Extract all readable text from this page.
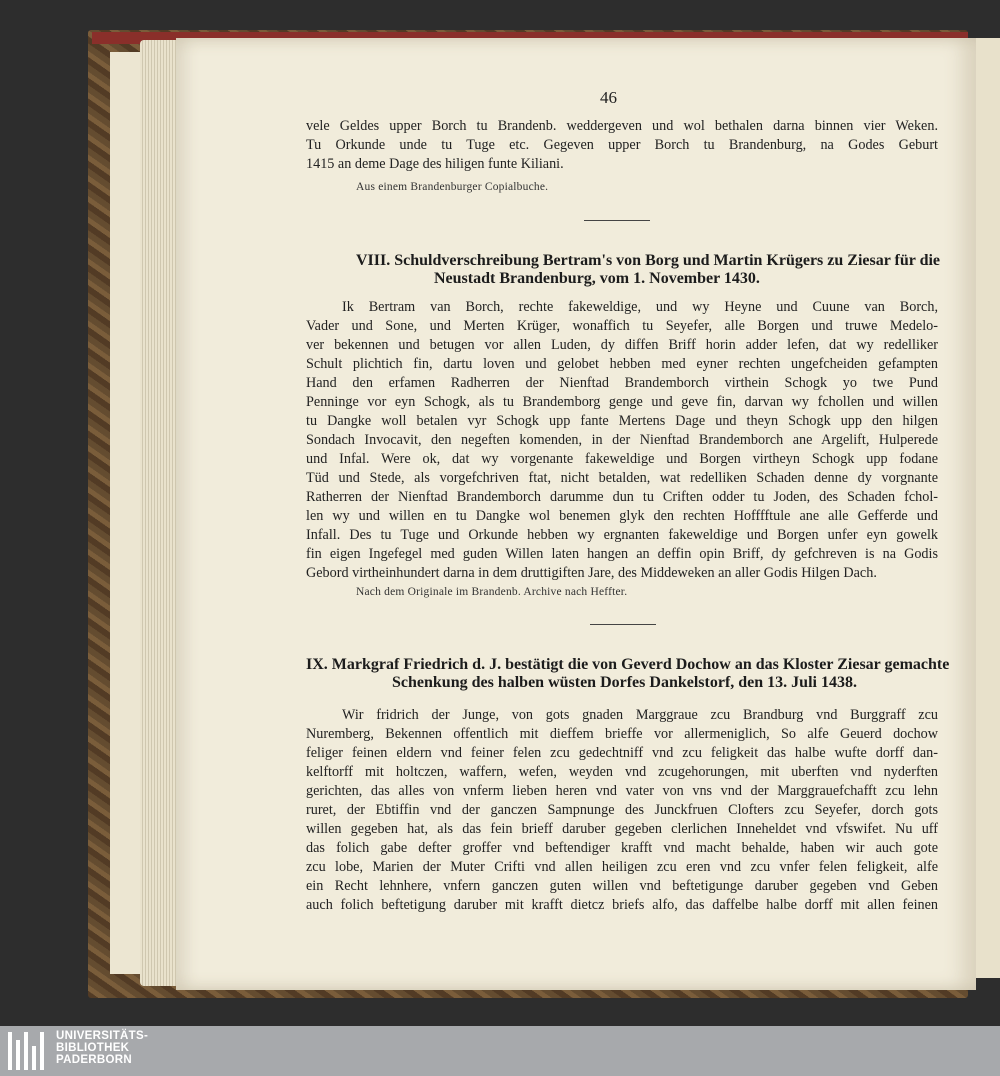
46
vele Geldes upper Borch tu Brandenb. weddergeven und wol bethalen darna binnen vier Weken.
Tu Orkunde unde tu Tuge etc. Gegeven upper Borch tu Brandenburg, na Godes Geburt
1415 an deme Dage des hiligen funte Kiliani.
Aus einem Brandenburger Copialbuche.
VIII. Schuldverschreibung Bertram's von Borg und Martin Krügers zu Ziesar für die
Neustadt Brandenburg, vom 1. November 1430.
Ik Bertram van Borch, rechte fakeweldige, und wy Heyne und Cuune van Borch,
Vader und Sone, und Merten Krüger, wonaffich tu Seyefer, alle Borgen und truwe Medelo-
ver bekennen und betugen vor allen Luden, dy diffen Briff horin adder lefen, dat wy redelliker
Schult plichtich fin, dartu loven und gelobet hebben med eyner rechten ungefcheiden gefampten
Hand den erfamen Radherren der Nienftad Brandemborch virthein Schogk yo twe Pund
Penninge vor eyn Schogk, als tu Brandemborg genge und geve fin, darvan wy fchollen und willen
tu Dangke woll betalen vyr Schogk upp fante Mertens Dage und theyn Schogk upp den hilgen
Sondach Invocavit, den negeften komenden, in der Nienftad Brandemborch ane Argelift, Hulperede
und Infal. Were ok, dat wy vorgenante fakeweldige und Borgen virtheyn Schogk upp fodane
Tüd und Stede, als vorgefchriven ftat, nicht betalden, wat redelliken Schaden denne dy vorgnante
Ratherren der Nienftad Brandemborch darumme dun tu Criften odder tu Joden, des Schaden fchol-
len wy und willen en tu Dangke wol benemen glyk den rechten Hofffftule ane alle Gefferde und
Infall. Des tu Tuge und Orkunde hebben wy ergnanten fakeweldige und Borgen unfer eyn gowelk
fin eigen Ingefegel med guden Willen laten hangen an deffin opin Briff, dy gefchreven is na Godis
Gebord virtheinhundert darna in dem druttigiften Jare, des Middeweken an aller Godis Hilgen Dach.
Nach dem Originale im Brandenb. Archive nach Heffter.
IX. Markgraf Friedrich d. J. bestätigt die von Geverd Dochow an das Kloster Ziesar gemachte
Schenkung des halben wüsten Dorfes Dankelstorf, den 13. Juli 1438.
Wir fridrich der Junge, von gots gnaden Marggraue zcu Brandburg vnd Burggraff zcu
Nuremberg, Bekennen offentlich mit dieffem brieffe vor allermeniglich, So alfe Geuerd dochow
feliger feinen eldern vnd feiner felen zcu gedechtniff vnd zcu feligkeit das halbe wufte dorff dan-
kelftorff mit holtczen, waffern, wefen, weyden vnd zcugehorungen, mit uberften vnd nyderften
gerichten, das alles von vnferm lieben heren vnd vater von vns vnd der Marggrauefchafft zcu lehn
ruret, der Ebtiffin vnd der ganczen Sampnunge des Junckfruen Clofters zcu Seyefer, dorch gots
willen gegeben hat, als das fein brieff daruber gegeben clerlichen Inneheldet vnd vfswifet. Nu uff
das folich gabe defter groffer vnd beftendiger krafft vnd macht behalde, haben wir auch gote
zcu lobe, Marien der Muter Crifti vnd allen heiligen zcu eren vnd zcu vnfer felen feligkeit, alfe
ein Recht lehnhere, vnfern ganczen guten willen vnd beftetigunge daruber gegeben vnd Geben
auch folich beftetigung daruber mit krafft dietcz briefs alfo, das daffelbe halbe dorff mit allen feinen
UNIVERSITÄTS-
BIBLIOTHEK
PADERBORN
